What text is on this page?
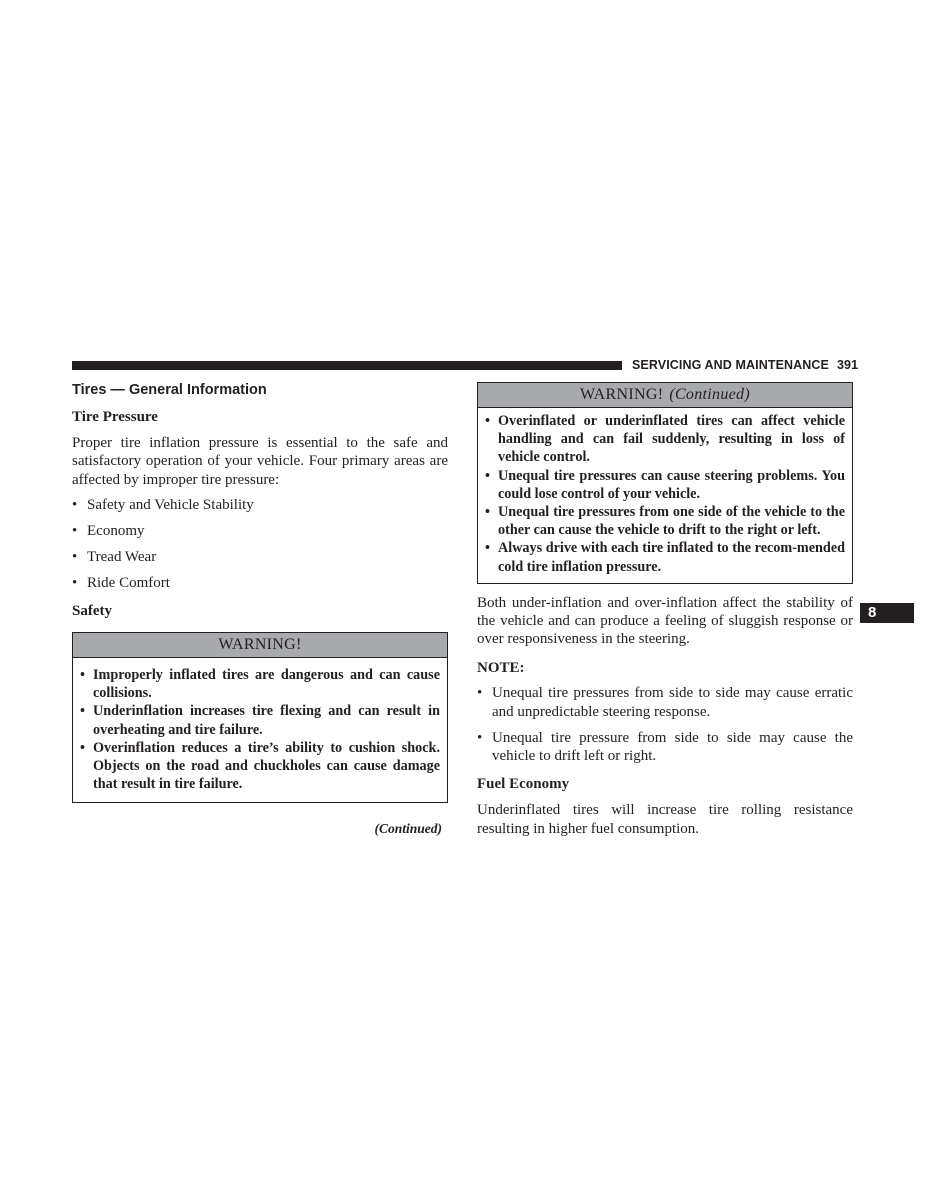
SERVICING AND MAINTENANCE 391
Tires — General Information
Tire Pressure

Proper tire inflation pressure is essential to the safe and satisfactory operation of your vehicle. Four primary areas are affected by improper tire pressure:

• Safety and Vehicle Stability
• Economy
• Tread Wear
• Ride Comfort
Safety
WARNING!
• Improperly inflated tires are dangerous and can cause collisions.
• Underinflation increases tire flexing and can result in overheating and tire failure.
• Overinflation reduces a tire’s ability to cushion shock. Objects on the road and chuckholes can cause damage that result in tire failure.
(Continued)
WARNING! (Continued)
• Overinflated or underinflated tires can affect vehicle handling and can fail suddenly, resulting in loss of vehicle control.
• Unequal tire pressures can cause steering problems. You could lose control of your vehicle.
• Unequal tire pressures from one side of the vehicle to the other can cause the vehicle to drift to the right or left.
• Always drive with each tire inflated to the recom-mended cold tire inflation pressure.

Both under-inflation and over-inflation affect the stability of the vehicle and can produce a feeling of sluggish response or over responsiveness in the steering.

NOTE:
• Unequal tire pressures from side to side may cause erratic and unpredictable steering response.
• Unequal tire pressure from side to side may cause the vehicle to drift left or right.
Fuel Economy

Underinflated tires will increase tire rolling resistance resulting in higher fuel consumption.

8
